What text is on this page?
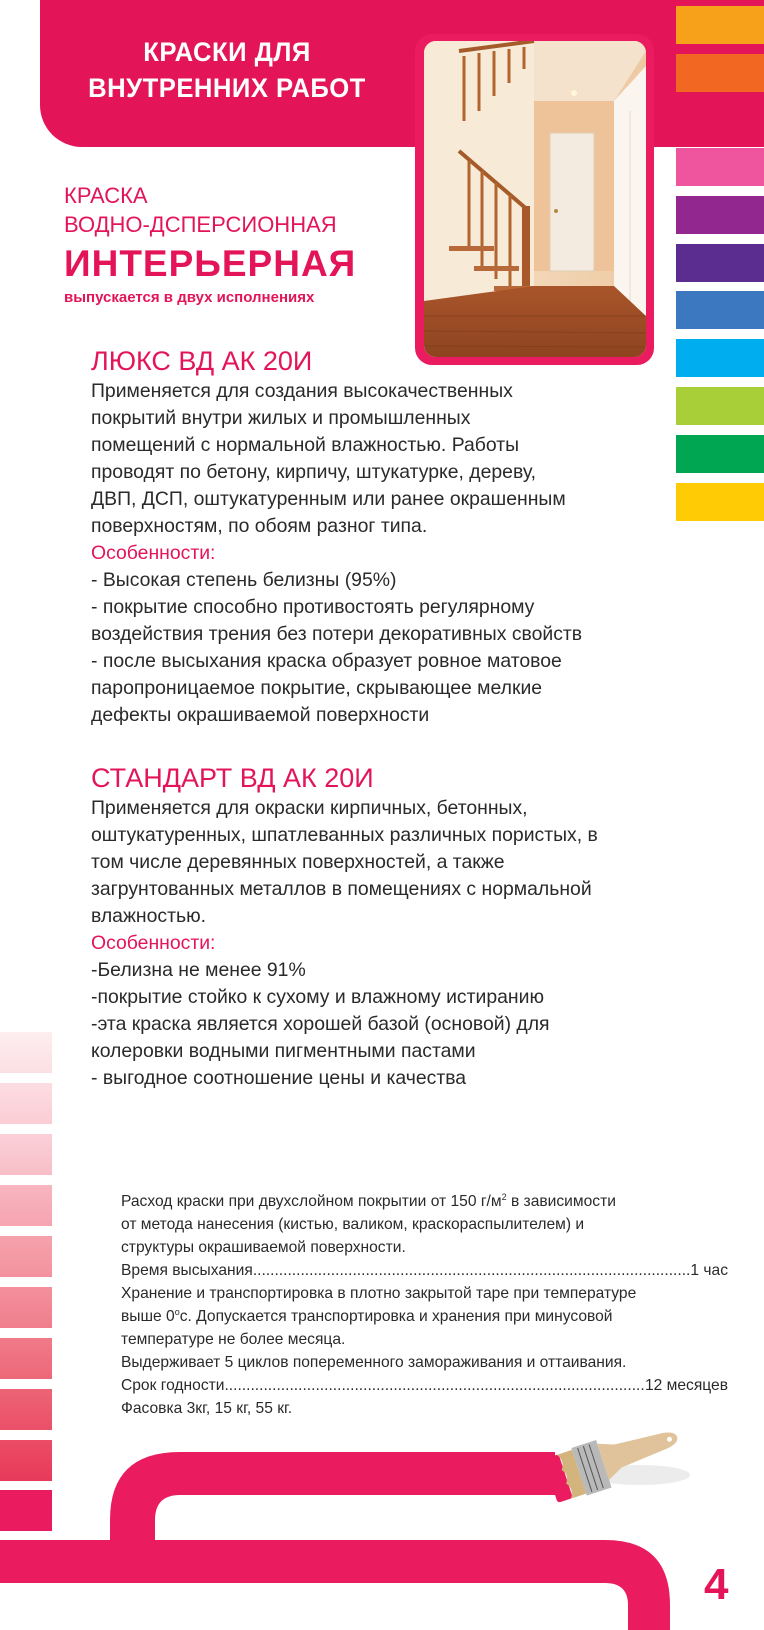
КРАСКИ ДЛЯ
ВНУТРЕННИХ РАБОТ
КРАСКА
ВОДНО-ДСПЕРСИОННАЯ
ИНТЕРЬЕРНАЯ
выпускается в двух исполнениях
ЛЮКС ВД АК 20И

Применяется для создания высокачественных

покрытий внутри жилых и промышленных

помещений с нормальной влажностью. Работы

проводят по бетону, кирпичу, штукатурке, дереву,

ДВП, ДСП, оштукатуренным или ранее окрашенным

поверхностям, по обоям разног типа.

Особенности:

- Высокая степень белизны (95%)

- покрытие способно противостоять регулярному

воздействия трения без потери декоративных свойств

- после высыхания краска образует ровное матовое

паропроницаемое покрытие, скрывающее мелкие

дефекты окрашиваемой поверхности

СТАНДАРТ ВД АК 20И

Применяется для окраски кирпичных, бетонных,

оштукатуренных, шпатлеванных различных пористых, в

том числе деревянных поверхностей, а также

загрунтованных металлов в помещениях с нормальной

влажностью.

Особенности:

-Белизна не менее 91%

-покрытие стойко к сухому и влажному истиранию

-эта краска является хорошей базой (основой) для

колеровки водными пигментными пастами

- выгодное соотношение цены и качества

Расход краски при двухслойном покрытии от 150 $г/м^2$ в зависимости

от метода нанесения (кистью, валиком, краскораспылителем) и

структуры окрашиваемой поверхности.

Время высыхания .....	1 час

Хранение и транспортировка в плотно закрытой таре при температуре

выше $0^ос$. Допускается транспортировка и хранения при минусовой

температуре не более месяца.

Выдерживает 5 циклов попеременного замораживания и оттаивания.

Срок годности .....	12 месяцев

Фасовка 3кг, 15 кг, 55 кг.

4
